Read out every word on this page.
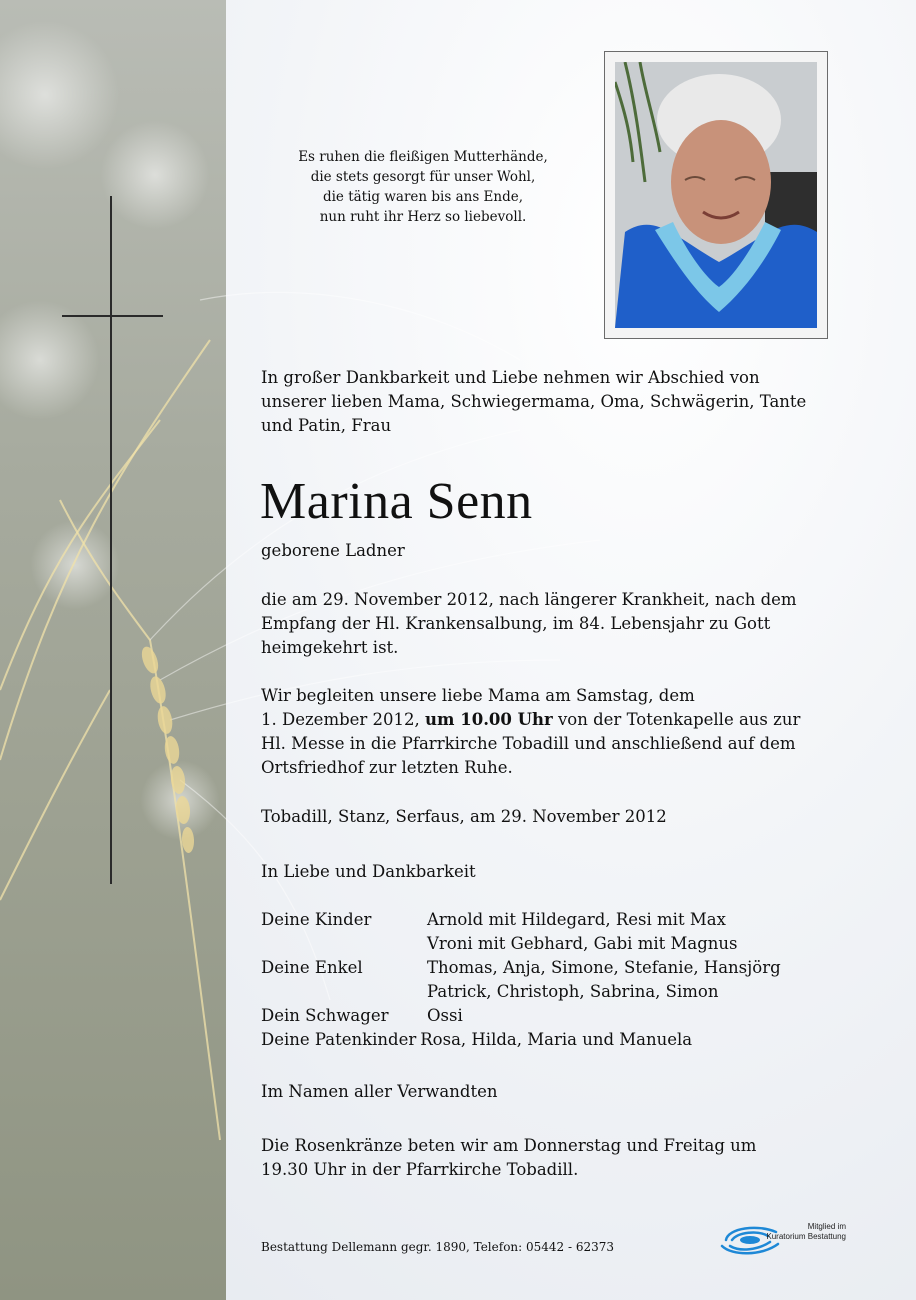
Es ruhen die fleißigen Mutterhände,
die stets gesorgt für unser Wohl,
die tätig waren bis ans Ende,
nun ruht ihr Herz so liebevoll.
In großer Dankbarkeit und Liebe nehmen wir Abschied von
unserer lieben Mama, Schwiegermama, Oma, Schwägerin, Tante
und Patin, Frau
Marina Senn
geborene Ladner
die am 29. November 2012, nach längerer Krankheit, nach dem
Empfang der Hl. Krankensalbung, im 84. Lebensjahr zu Gott
heimgekehrt ist.
Wir begleiten unsere liebe Mama am Samstag, dem
1. Dezember 2012, um 10.00 Uhr von der Totenkapelle aus zur
Hl. Messe in die Pfarrkirche Tobadill und anschließend auf dem
Ortsfriedhof zur letzten Ruhe.
Tobadill, Stanz, Serfaus, am 29. November 2012
In Liebe und Dankbarkeit
Deine Kinder	Arnold mit Hildegard, Resi mit Max
Vroni mit Gebhard, Gabi mit Magnus
Deine Enkel	Thomas, Anja, Simone, Stefanie, Hansjörg
Patrick, Christoph, Sabrina, Simon
Dein Schwager	Ossi
Deine Patenkinder Rosa, Hilda, Maria und Manuela
Im Namen aller Verwandten
Die Rosenkränze beten wir am Donnerstag und Freitag um
19.30 Uhr in der Pfarrkirche Tobadill.
Bestattung Dellemann gegr. 1890, Telefon: 05442 - 62373
Mitglied im
Kuratorium Bestattung
